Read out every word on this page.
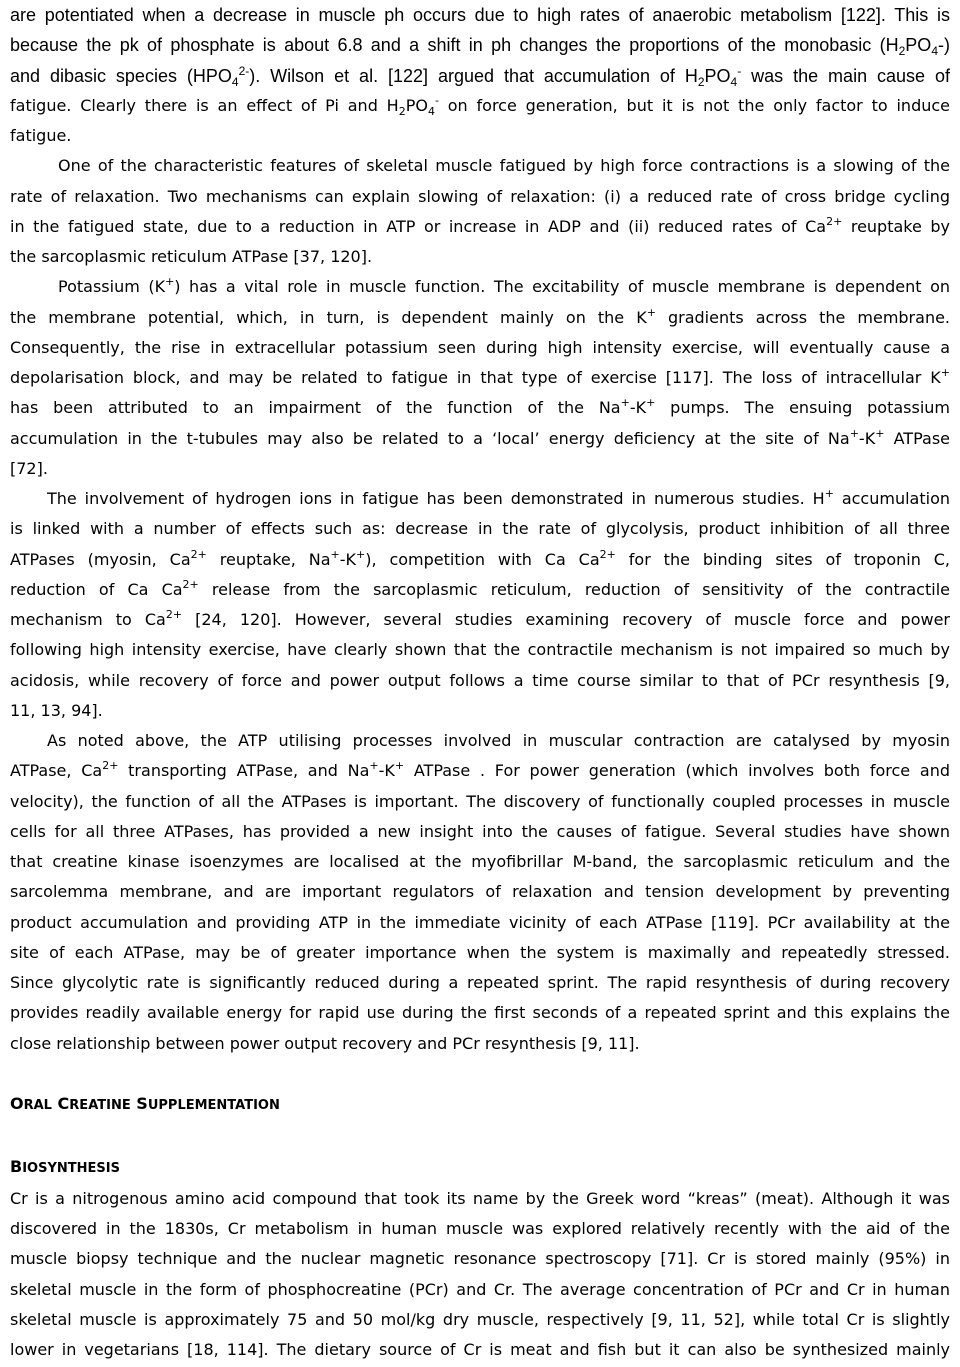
are potentiated when a decrease in muscle ph occurs due to high rates of anaerobic metabolism [122]. This is
because the pk of phosphate is about 6.8 and a shift in ph changes the proportions of the monobasic $(H_2PO_4-)$
and dibasic species $(HPO_4^{2-})$. Wilson et al. [122] argued that accumulation of $H_2PO_4^-$ was the main cause of
fatigue. Clearly there is an effect of Pi and $H_2PO_4^-$ on force generation, but it is not the only factor to induce
fatigue.
One of the characteristic features of skeletal muscle fatigued by high force contractions is a slowing of the
rate of relaxation. Two mechanisms can explain slowing of relaxation: (i) a reduced rate of cross bridge cycling
in the fatigued state, due to a reduction in ATP or increase in ADP and (ii) reduced rates of $Ca^{2+}$ reuptake by
the sarcoplasmic reticulum ATPase [37, 120].
Potassium (K+) has a vital role in muscle function. The excitability of muscle membrane is dependent on
the membrane potential, which, in turn, is dependent mainly on the K+ gradients across the membrane.
Consequently, the rise in extracellular potassium seen during high intensity exercise, will eventually cause a
depolarisation block, and may be related to fatigue in that type of exercise [117]. The loss of intracellular K+
has been attributed to an impairment of the function of the Na+-K+ pumps. The ensuing potassium
accumulation in the t-tubules may also be related to a ‘local’ energy deficiency at the site of Na+-K+ ATPase
[72].
The involvement of hydrogen ions in fatigue has been demonstrated in numerous studies. H+ accumulation
is linked with a number of effects such as: decrease in the rate of glycolysis, product inhibition of all three
ATPases (myosin, $Ca^{2+}$ reuptake, Na+-K+), competition with Ca $Ca^{2+}$ for the binding sites of troponin C,
reduction of Ca $Ca^{2+}$ release from the sarcoplasmic reticulum, reduction of sensitivity of the contractile
mechanism to $Ca^{2+}$ [24, 120]. However, several studies examining recovery of muscle force and power
following high intensity exercise, have clearly shown that the contractile mechanism is not impaired so much by
acidosis, while recovery of force and power output follows a time course similar to that of PCr resynthesis [9,
11, 13, 94].
As noted above, the ATP utilising processes involved in muscular contraction are catalysed by myosin
ATPase, $Ca^{2+}$ transporting ATPase, and Na+-K+ ATPase . For power generation (which involves both force and
velocity), the function of all the ATPases is important. The discovery of functionally coupled processes in muscle
cells for all three ATPases, has provided a new insight into the causes of fatigue. Several studies have shown
that creatine kinase isoenzymes are localised at the myofibrillar M-band, the sarcoplasmic reticulum and the
sarcolemma membrane, and are important regulators of relaxation and tension development by preventing
product accumulation and providing ATP in the immediate vicinity of each ATPase [119]. PCr availability at the
site of each ATPase, may be of greater importance when the system is maximally and repeatedly stressed.
Since glycolytic rate is significantly reduced during a repeated sprint. The rapid resynthesis of during recovery
provides readily available energy for rapid use during the first seconds of a repeated sprint and this explains the
close relationship between power output recovery and PCr resynthesis [9, 11].
ORAL CREATINE SUPPLEMENTATION
BIOSYNTHESIS
Cr is a nitrogenous amino acid compound that took its name by the Greek word “kreas” (meat). Although it was
discovered in the 1830s, Cr metabolism in human muscle was explored relatively recently with the aid of the
muscle biopsy technique and the nuclear magnetic resonance spectroscopy [71]. Cr is stored mainly (95%) in
skeletal muscle in the form of phosphocreatine (PCr) and Cr. The average concentration of PCr and Cr in human
skeletal muscle is approximately 75 and 50 mol/kg dry muscle, respectively [9, 11, 52], while total Cr is slightly
lower in vegetarians [18, 114]. The dietary source of Cr is meat and fish but it can also be synthesized mainly
